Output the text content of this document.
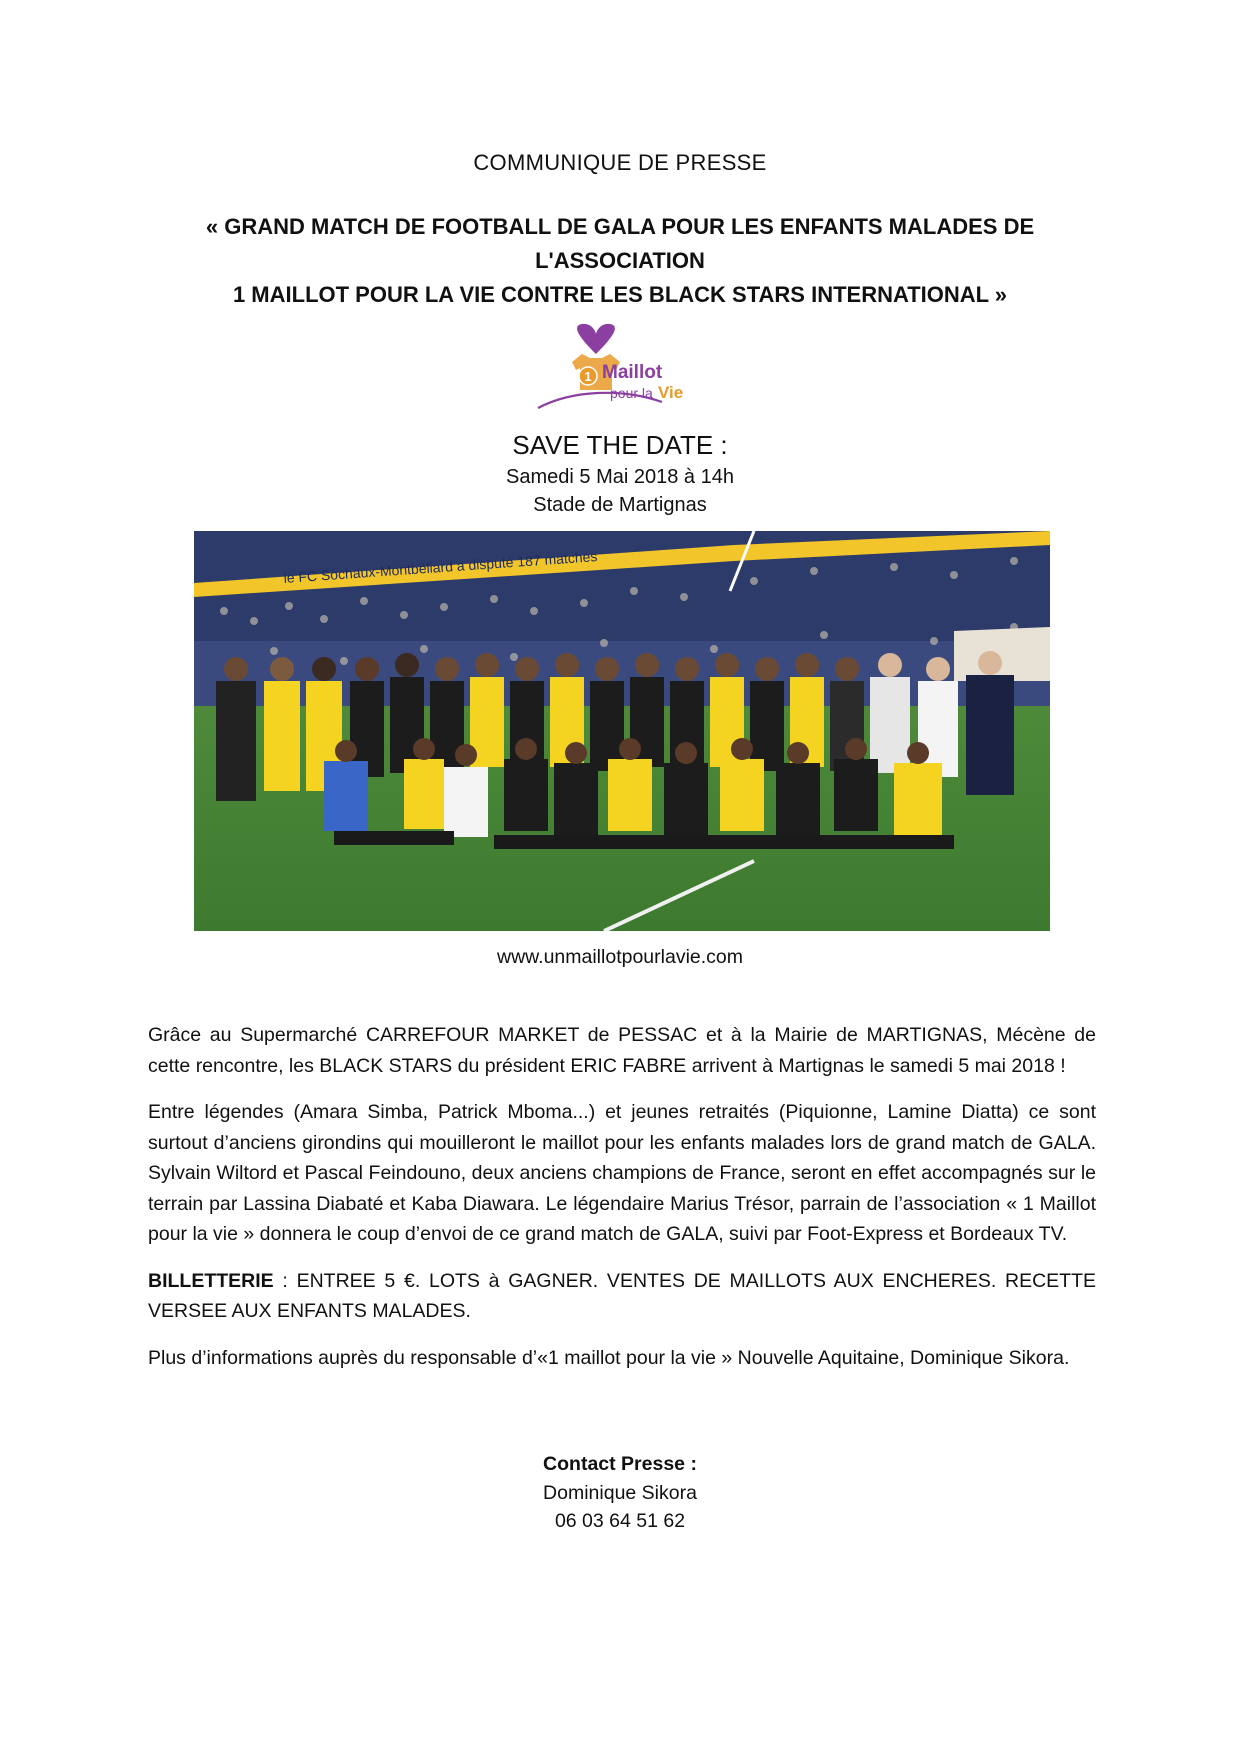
COMMUNIQUE DE PRESSE
« GRAND MATCH DE FOOTBALL DE GALA POUR LES ENFANTS MALADES DE L'ASSOCIATION
1 MAILLOT POUR LA VIE CONTRE LES BLACK STARS INTERNATIONAL »
1 Maillot
pour la Vie
SAVE THE DATE :
Samedi 5 Mai 2018 à 14h
Stade de Martignas
le FC Sochaux-Montbéliard a disputé 187 matches
www.unmaillotpourlavie.com

Grâce au Supermarché CARREFOUR MARKET de PESSAC et à la Mairie de MARTIGNAS, Mécène de cette rencontre, les BLACK STARS du président ERIC FABRE arrivent à Martignas le samedi 5 mai 2018 !

Entre légendes (Amara Simba, Patrick Mboma...) et jeunes retraités (Piquionne, Lamine Diatta) ce sont surtout d’anciens girondins qui mouilleront le maillot pour les enfants malades lors de grand match de GALA. Sylvain Wiltord et Pascal Feindouno, deux anciens champions de France, seront en effet accompagnés sur le terrain par Lassina Diabaté et Kaba Diawara. Le légendaire Marius Trésor, parrain de l’association « 1 Maillot pour la vie » donnera le coup d’envoi de ce grand match de GALA, suivi par Foot-Express et Bordeaux TV.

BILLETTERIE : ENTREE 5 €. LOTS à GAGNER. VENTES DE MAILLOTS AUX ENCHERES. RECETTE VERSEE AUX ENFANTS MALADES.

Plus d’informations auprès du responsable d’«1 maillot pour la vie » Nouvelle Aquitaine, Dominique Sikora.

Contact Presse :
Dominique Sikora
06 03 64 51 62
